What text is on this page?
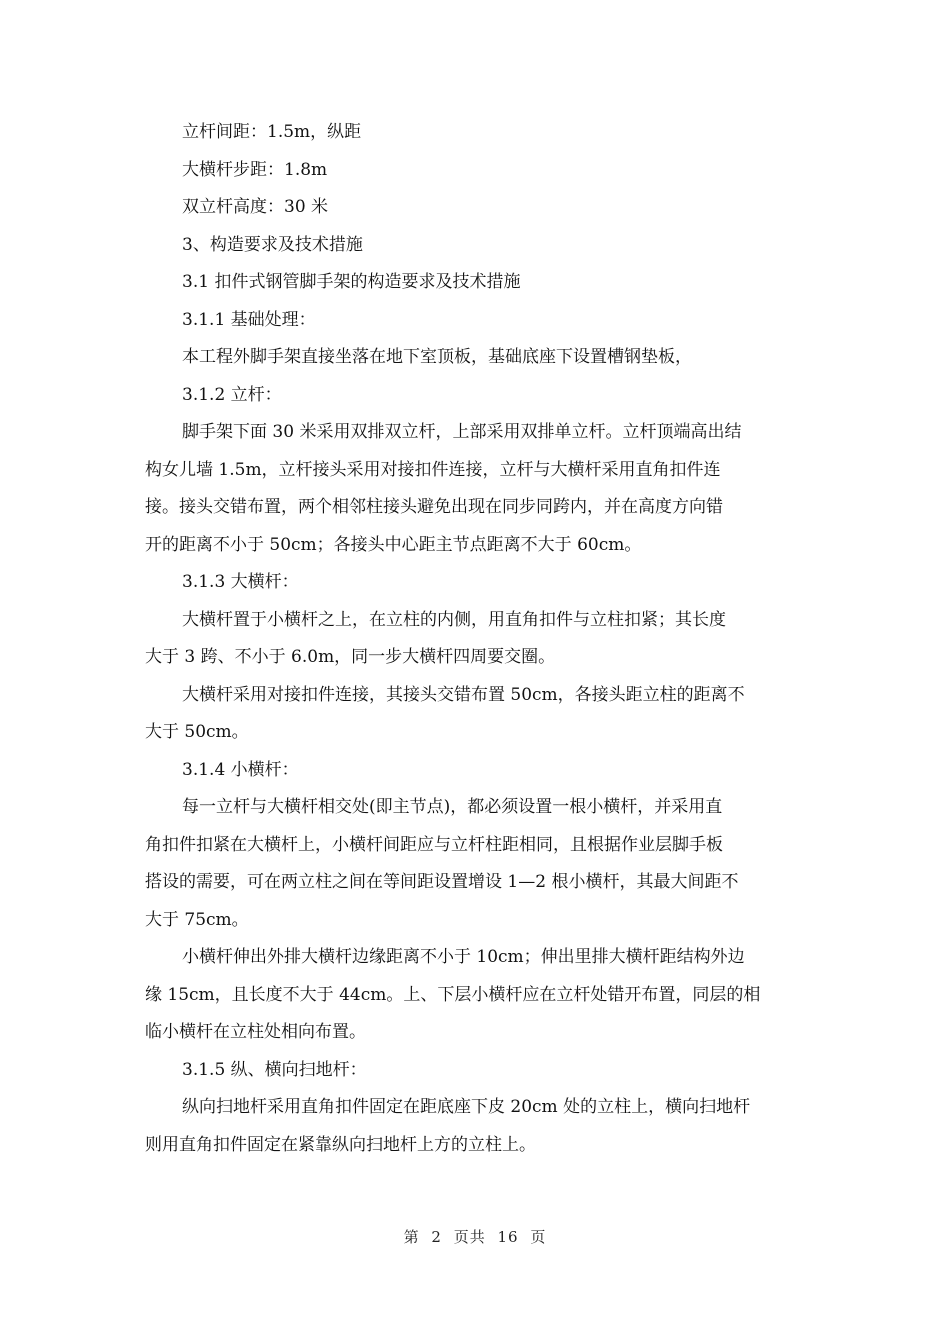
立杆间距：1.5m，纵距
大横杆步距：1.8m
双立杆高度：30 米
3、构造要求及技术措施
3.1 扣件式钢管脚手架的构造要求及技术措施
3.1.1 基础处理：
本工程外脚手架直接坐落在地下室顶板，基础底座下设置槽钢垫板，
3.1.2 立杆：
脚手架下面 30 米采用双排双立杆，上部采用双排单立杆。立杆顶端高出结
构女儿墙 1.5m，立杆接头采用对接扣件连接，立杆与大横杆采用直角扣件连
接。接头交错布置，两个相邻柱接头避免出现在同步同跨内，并在高度方向错
开的距离不小于 50cm；各接头中心距主节点距离不大于 60cm。
3.1.3 大横杆：
大横杆置于小横杆之上，在立柱的内侧，用直角扣件与立柱扣紧；其长度
大于 3 跨、不小于 6.0m，同一步大横杆四周要交圈。
大横杆采用对接扣件连接，其接头交错布置 50cm，各接头距立柱的距离不
大于 50cm。
3.1.4 小横杆：
每一立杆与大横杆相交处(即主节点)，都必须设置一根小横杆，并采用直
角扣件扣紧在大横杆上，小横杆间距应与立杆柱距相同，且根据作业层脚手板
搭设的需要，可在两立柱之间在等间距设置增设 1—2 根小横杆，其最大间距不
大于 75cm。
小横杆伸出外排大横杆边缘距离不小于 10cm；伸出里排大横杆距结构外边
缘 15cm，且长度不大于 44cm。上、下层小横杆应在立杆处错开布置，同层的相
临小横杆在立柱处相向布置。
3.1.5 纵、横向扫地杆：
纵向扫地杆采用直角扣件固定在距底座下皮 20cm 处的立柱上，横向扫地杆
则用直角扣件固定在紧靠纵向扫地杆上方的立柱上。
第 2 页共 16 页
